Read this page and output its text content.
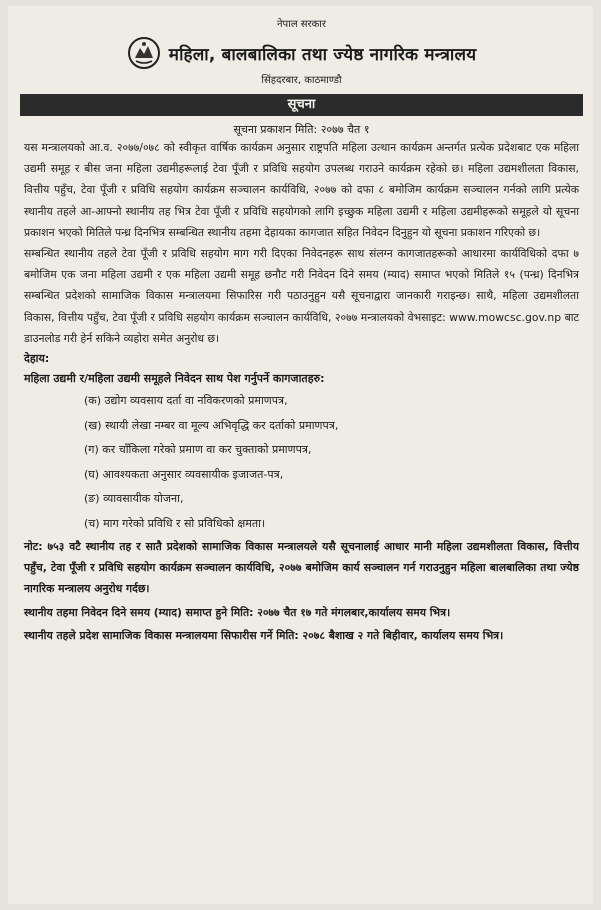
नेपाल सरकार
महिला, बालबालिका तथा ज्येष्ठ नागरिक मन्त्रालय
सिंहदरबार, काठमाण्डौ
सूचना
सूचना प्रकाशन मिति: २०७७ चैत १

यस मन्त्रालयको आ.व. २०७७/०७८ को स्वीकृत वार्षिक कार्यक्रम अनुसार राष्ट्रपति महिला उत्थान कार्यक्रम अन्तर्गत प्रत्येक प्रदेशबाट एक महिला उद्यमी समूह र बीस जना महिला उद्यमीहरूलाई टेवा पूँजी र प्रविधि सहयोग उपलब्ध गराउने कार्यक्रम रहेको छ। महिला उद्यमशीलता विकास, वित्तीय पहुँच, टेवा पूँजी र प्रविधि सहयोग कार्यक्रम सञ्चालन कार्यविधि, २०७७ को दफा ८ बमोजिम कार्यक्रम सञ्चालन गर्नको लागि प्रत्येक स्थानीय तहले आ-आफ्नो स्थानीय तह भित्र टेवा पूँजी र प्रविधि सहयोगको लागि इच्छुक महिला उद्यमी र महिला उद्यमीहरूको समूहले यो सूचना प्रकाशन भएको मितिले पन्ध्र दिनभित्र सम्बन्धित स्थानीय तहमा देहायका कागजात सहित निवेदन दिनुहुन यो सूचना प्रकाशन गरिएको छ।

सम्बन्धित स्थानीय तहले टेवा पूँजी र प्रविधि सहयोग माग गरी दिएका निवेदनहरू साथ संलग्न कागजातहरूको आधारमा कार्यविधिको दफा ७ बमोजिम एक जना महिला उद्यमी र एक महिला उद्यमी समूह छनौट गरी निवेदन दिने समय (म्याद) समाप्त भएको मितिले १५ (पन्ध्र) दिनभित्र सम्बन्धित प्रदेशको सामाजिक विकास मन्त्रालयमा सिफारिस गरी पठाउनुहुन यसै सूचनाद्वारा जानकारी गराइन्छ। साथै, महिला उद्यमशीलता विकास, वित्तीय पहुँच, टेवा पूँजी र प्रविधि सहयोग कार्यक्रम सञ्चालन कार्यविधि, २०७७ मन्त्रालयको वेभसाइट: www.mowcsc.gov.np बाट डाउनलोड गरी हेर्न सकिने व्यहोरा समेत अनुरोध छ।

देहाय:
महिला उद्यमी र/महिला उद्यमी समूहले निवेदन साथ पेश गर्नुपर्ने कागजातहरु:
(क) उद्योग व्यवसाय दर्ता वा नविकरणको प्रमाणपत्र,
(ख) स्थायी लेखा नम्बर वा मूल्य अभिवृद्धि कर दर्ताको प्रमाणपत्र,
(ग) कर चाँकिला गरेको प्रमाण वा कर चुक्ताको प्रमाणपत्र,
(घ) आवश्यकता अनुसार व्यवसायीक इजाजत-पत्र,
(ङ) व्यावसायीक योजना,
(च) माग गरेको प्रविधि र सो प्रविधिको क्षमता।

नोट: ७५३ वटै स्थानीय तह र सातै प्रदेशको सामाजिक विकास मन्त्रालयले यसै सूचनालाई आधार मानी महिला उद्यमशीलता विकास, वित्तीय पहुँच, टेवा पूँजी र प्रविधि सहयोग कार्यक्रम सञ्चालन कार्यविधि, २०७७ बमोजिम कार्य सञ्चालन गर्न गराउनुहुन महिला बालबालिका तथा ज्येष्ठ नागरिक मन्त्रालय अनुरोध गर्दछ।

स्थानीय तहमा निवेदन दिने समय (म्याद) समाप्त हुने मिति: २०७७ चैत १७ गते मंगलबार,कार्यालय समय भित्र।

स्थानीय तहले प्रदेश सामाजिक विकास मन्त्रालयमा सिफारीस गर्ने मिति: २०७८ बैशाख २ गते बिहीवार, कार्यालय समय भित्र।
